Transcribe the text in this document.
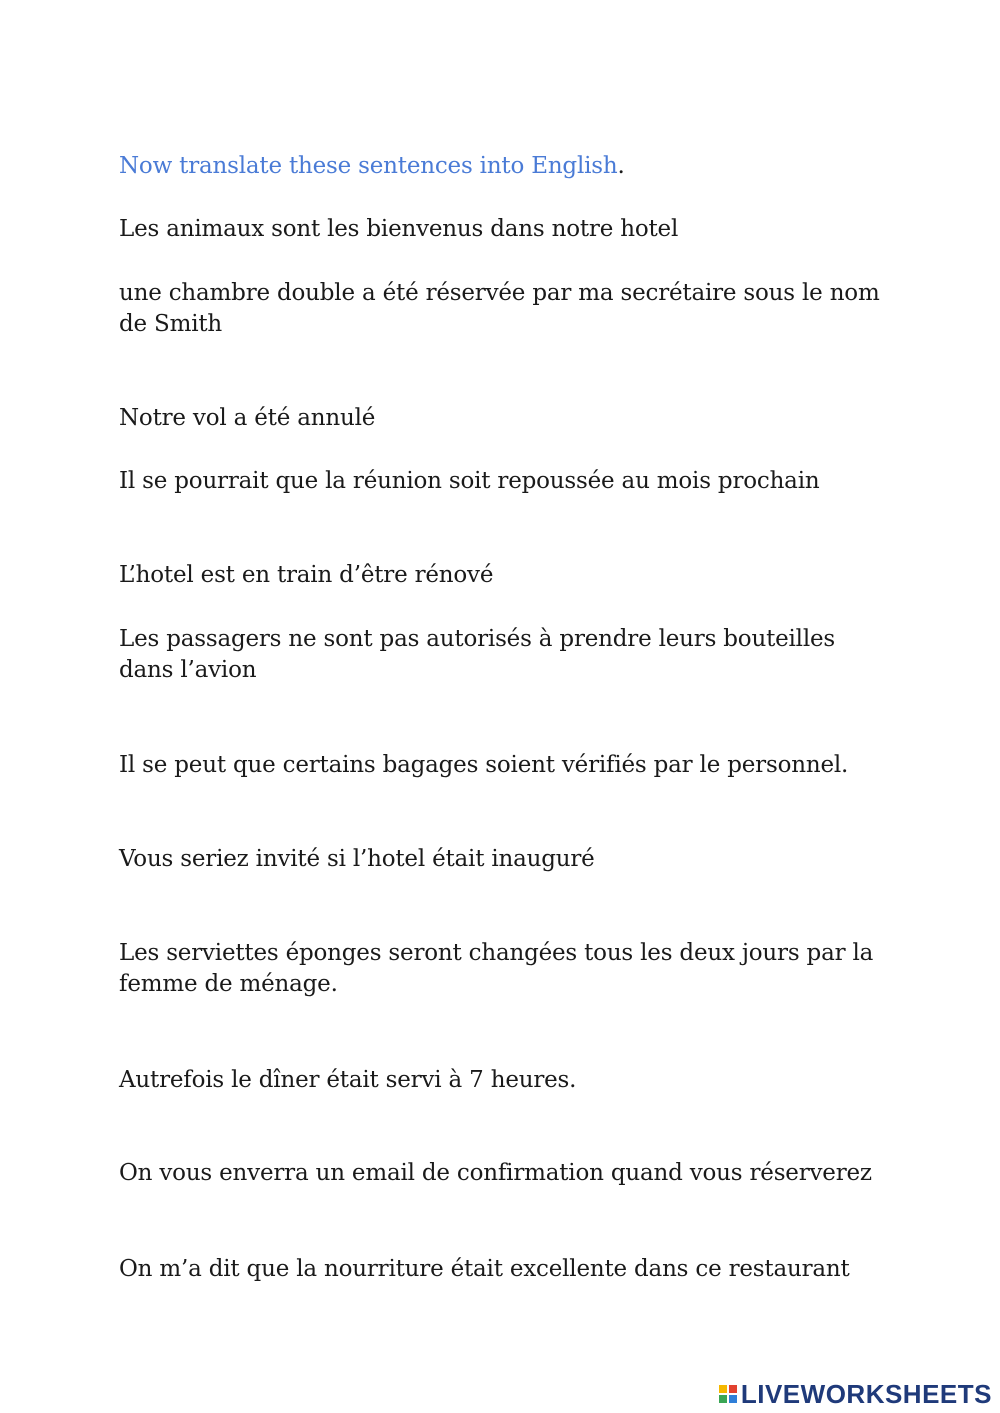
Now translate these sentences into English.
Les animaux sont les bienvenus dans notre hotel
une chambre double a été réservée par ma secrétaire sous le nom de Smith
Notre vol a été annulé
Il se pourrait que la réunion soit repoussée au mois prochain
L’hotel est en train d’être rénové
Les passagers ne sont pas autorisés à prendre leurs bouteilles dans l’avion
Il se peut que certains bagages soient vérifiés par le personnel.
Vous seriez invité si l’hotel était inauguré
Les serviettes éponges seront changées tous les deux jours par la femme de ménage.
Autrefois le dîner était servi à 7 heures.
On vous enverra un email de confirmation quand vous réserverez
On m’a dit que la nourriture était excellente dans ce restaurant
LIVEWORKSHEETS
